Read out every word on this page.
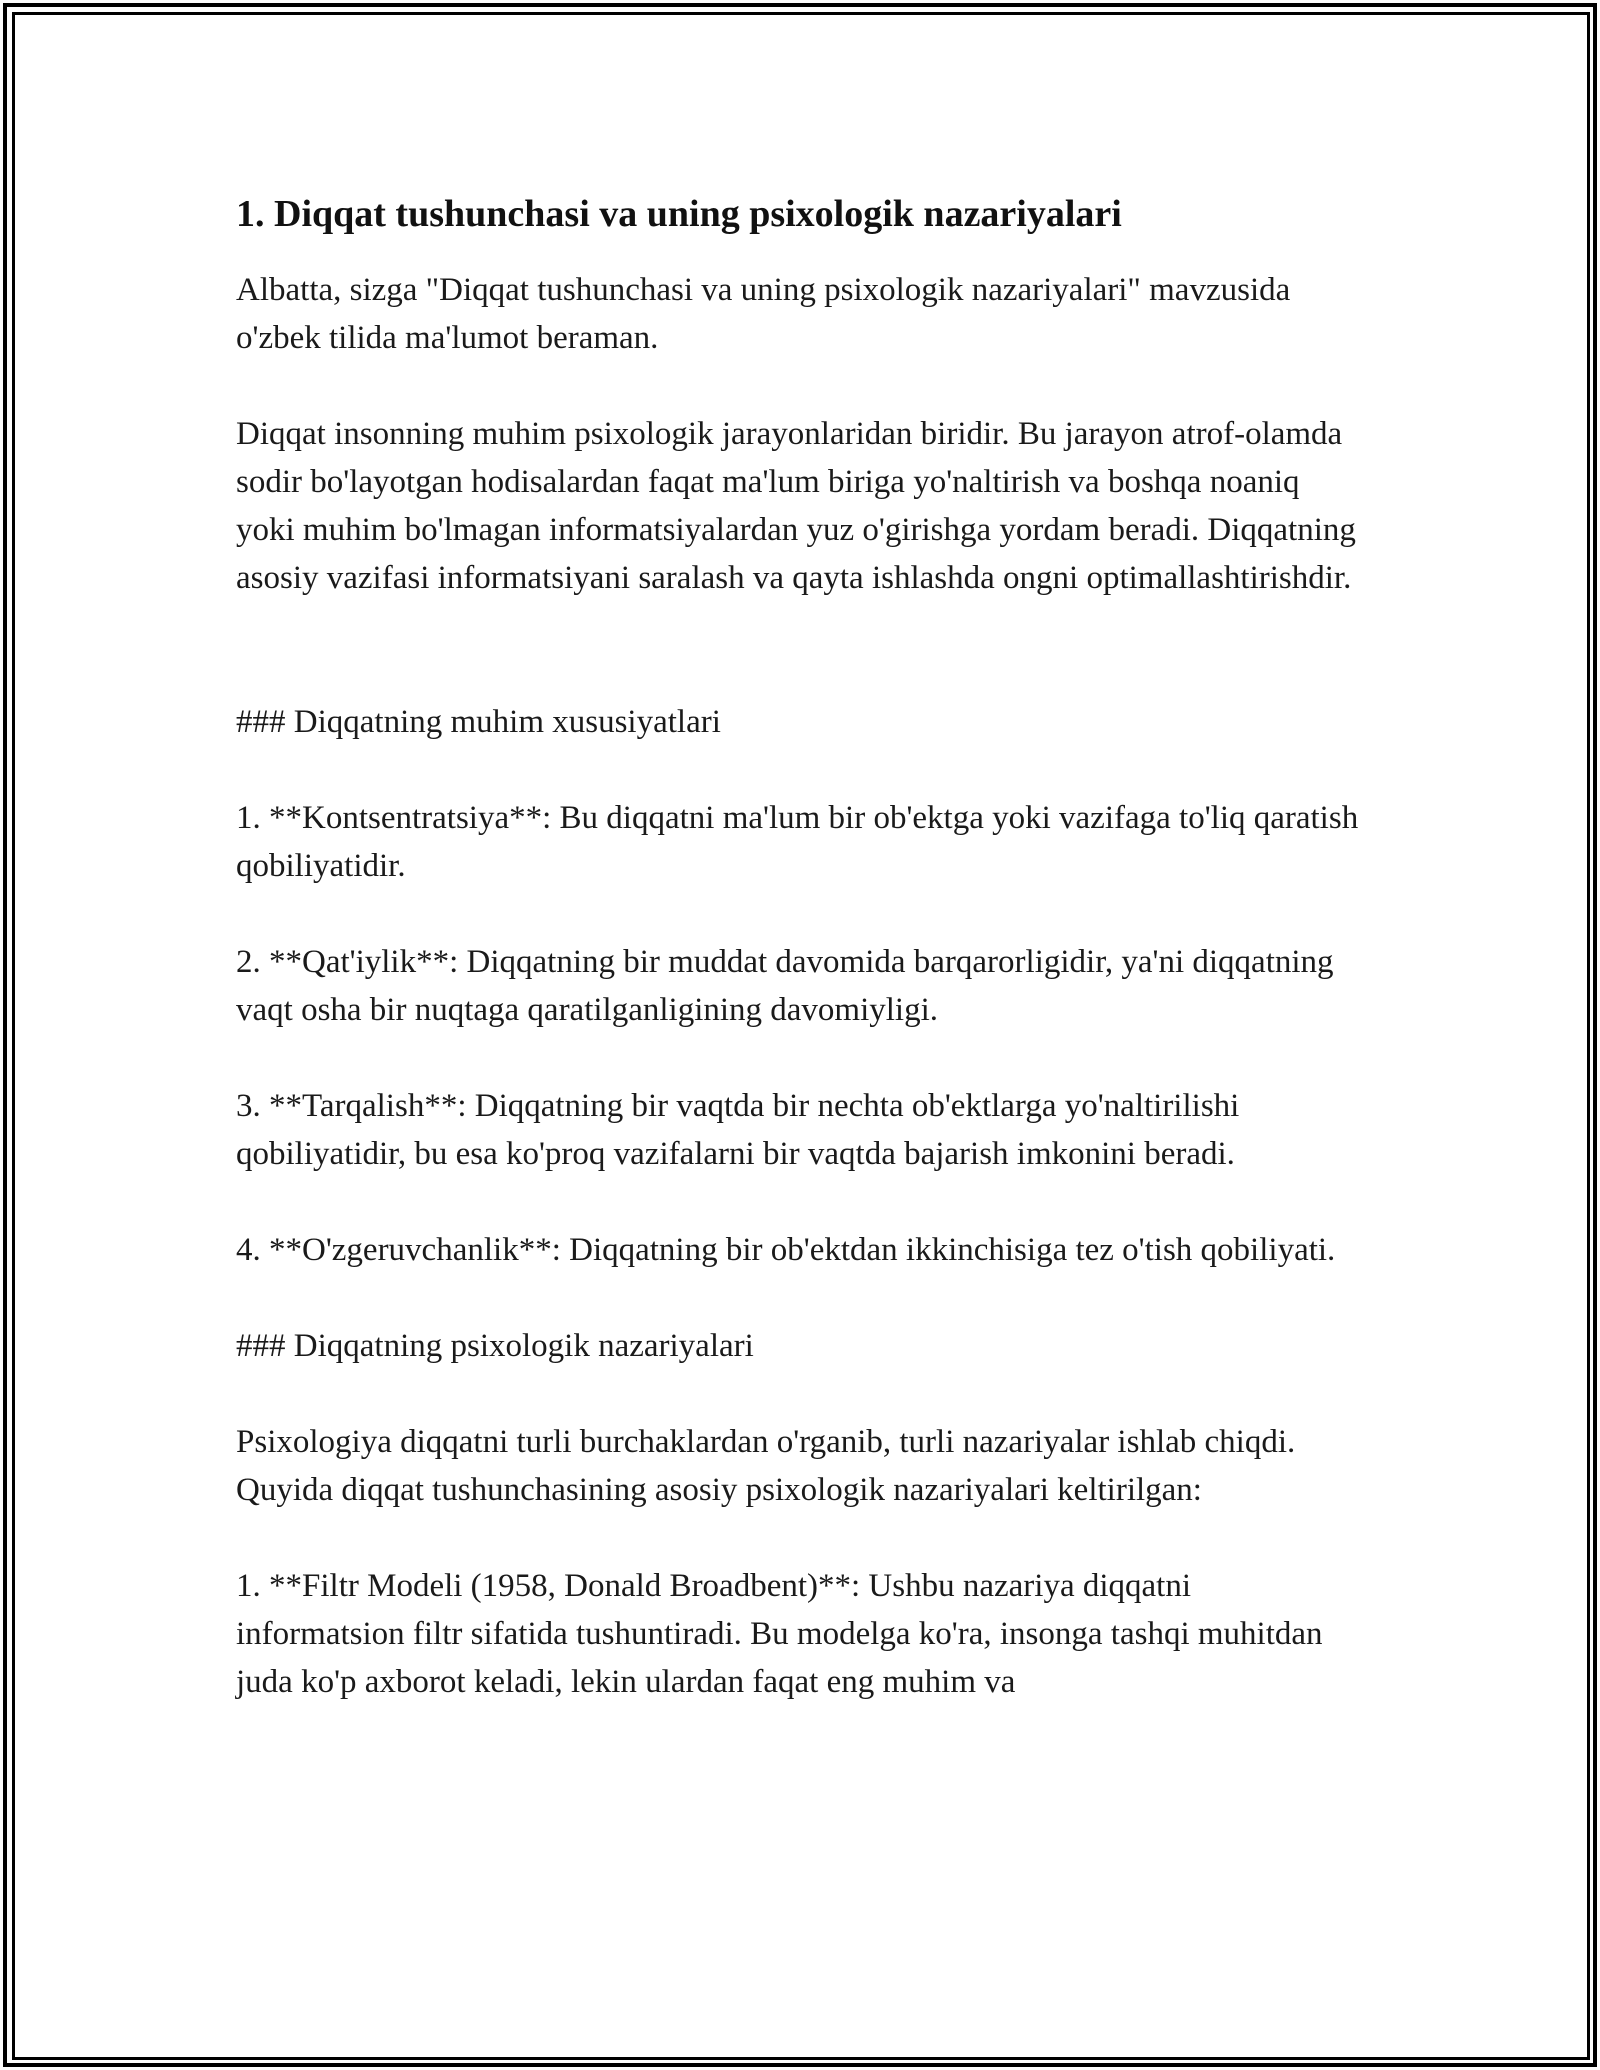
1. Diqqat tushunchasi va uning psixologik nazariyalari

Albatta, sizga "Diqqat tushunchasi va uning psixologik nazariyalari" mavzusida o'zbek tilida ma'lumot beraman.

Diqqat insonning muhim psixologik jarayonlaridan biridir. Bu jarayon atrof-olamda sodir bo'layotgan hodisalardan faqat ma'lum biriga yo'naltirish va boshqa noaniq yoki muhim bo'lmagan informatsiyalardan yuz o'girishga yordam beradi. Diqqatning asosiy vazifasi informatsiyani saralash va qayta ishlashda ongni optimallashtirishdir.

### Diqqatning muhim xususiyatlari

1. **Kontsentratsiya**: Bu diqqatni ma'lum bir ob'ektga yoki vazifaga to'liq qaratish qobiliyatidir.

2. **Qat'iylik**: Diqqatning bir muddat davomida barqarorligidir, ya'ni diqqatning vaqt osha bir nuqtaga qaratilganligining davomiyligi.

3. **Tarqalish**: Diqqatning bir vaqtda bir nechta ob'ektlarga yo'naltirilishi qobiliyatidir, bu esa ko'proq vazifalarni bir vaqtda bajarish imkonini beradi.

4. **O'zgeruvchanlik**: Diqqatning bir ob'ektdan ikkinchisiga tez o'tish qobiliyati.

### Diqqatning psixologik nazariyalari

Psixologiya diqqatni turli burchaklardan o'rganib, turli nazariyalar ishlab chiqdi. Quyida diqqat tushunchasining asosiy psixologik nazariyalari keltirilgan:

1. **Filtr Modeli (1958, Donald Broadbent)**: Ushbu nazariya diqqatni informatsion filtr sifatida tushuntiradi. Bu modelga ko'ra, insonga tashqi muhitdan juda ko'p axborot keladi, lekin ulardan faqat eng muhim va
